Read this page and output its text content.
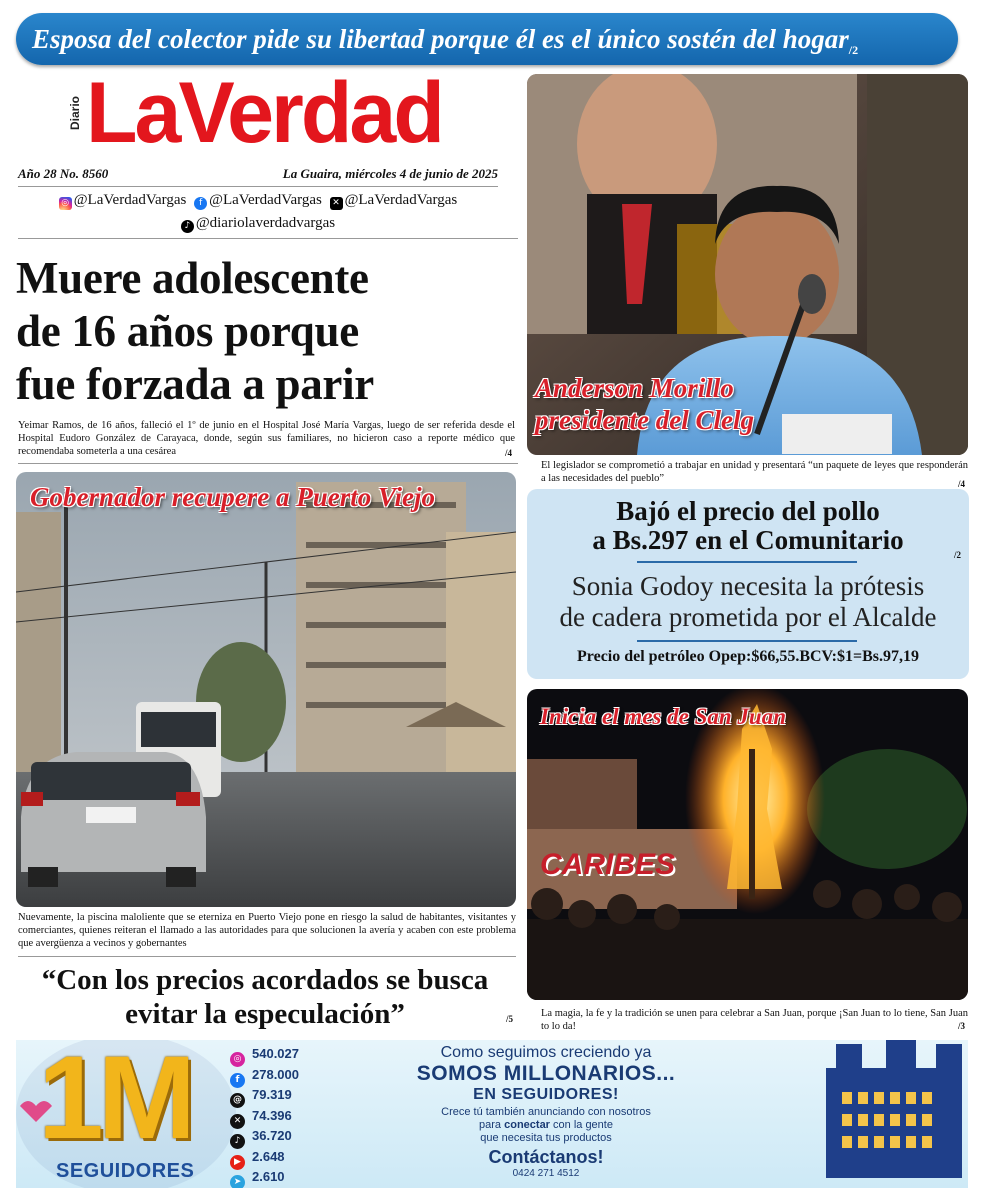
Esposa del colector pide su libertad porque él es el único sostén del hogar$_{/2}$
Diario LaVerdad
Año 28 No. 8560	La Guaira, miércoles 4 de junio de 2025
◎ @LaVerdadVargas f @LaVerdadVargas ✕ @LaVerdadVargas
♪ @diariolaverdadvargas
Muere adolescente
de 16 años porque
fue forzada a parir

Yeimar Ramos, de 16 años, falleció el 1º de junio en el Hospital José María Vargas, luego de ser referida desde el Hospital Eudoro González de Carayaca, donde, según sus familiares, no hicieron caso a reporte médico que recomendaba someterla a una cesárea	/4
Anderson Morillo
presidente del Clelg

El legislador se comprometió a trabajar en unidad y presentará “un paquete de leyes que responderán a las necesidades del pueblo”	/4
Gobernador recupere a Puerto Viejo

Nuevamente, la piscina maloliente que se eterniza en Puerto Viejo pone en riesgo la salud de habitantes, visitantes y comerciantes, quienes reiteran el llamado a las autoridades para que solucionen la avería y acaben con este problema que avergüenza a vecinos y gobernantes

Bajó el precio del pollo
a Bs.297 en el Comunitario	/2
Sonia Godoy necesita la prótesis
de cadera prometida por el Alcalde
Precio del petróleo Opep:$66,55.BCV:$1=Bs.97,19
CARIBES
Inicia el mes de San Juan

La magia, la fe y la tradición se unen para celebrar a San Juan, porque ¡San Juan to lo tiene, San Juan to lo da!	/3
“Con los precios acordados se busca
evitar la especulación”	/5
1M
SEGUIDORES
◎ 540.027
f 278.000
@ 79.319
✕ 74.396
♪ 36.720
▶ 2.648
➤ 2.610
Como seguimos creciendo ya
SOMOS MILLONARIOS...
EN SEGUIDORES!
Crece tú también anunciando con nosotros
para conectar con la gente
que necesita tus productos
Contáctanos!
0424 271 4512
